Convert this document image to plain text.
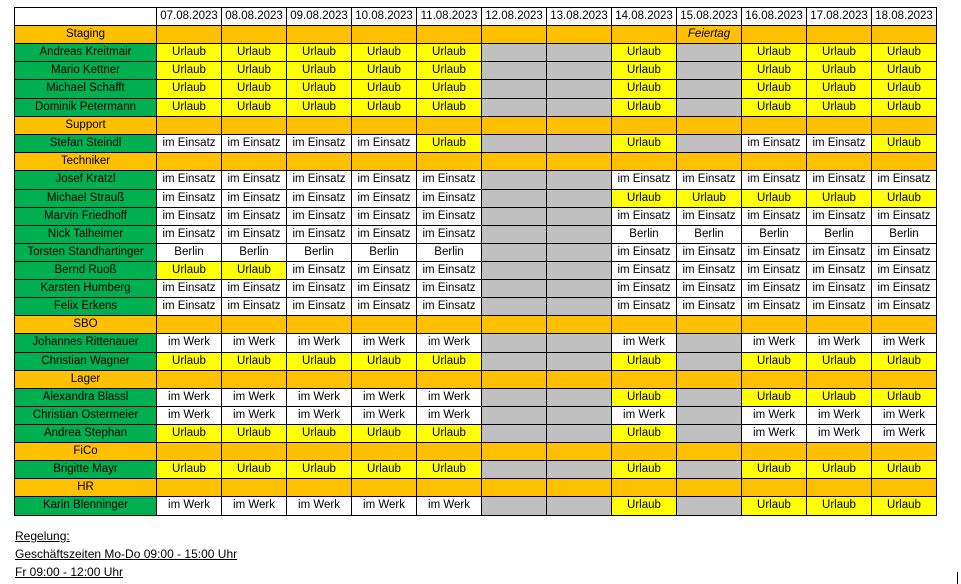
	07.08.2023	08.08.2023	09.08.2023	10.08.2023	11.08.2023	12.08.2023	13.08.2023	14.08.2023	15.08.2023	16.08.2023	17.08.2023	18.08.2023
Staging									Feiertag			
Andreas Kreitmair	Urlaub	Urlaub	Urlaub	Urlaub	Urlaub			Urlaub		Urlaub	Urlaub	Urlaub
Mario Kettner	Urlaub	Urlaub	Urlaub	Urlaub	Urlaub			Urlaub		Urlaub	Urlaub	Urlaub
Michael Schafft	Urlaub	Urlaub	Urlaub	Urlaub	Urlaub			Urlaub		Urlaub	Urlaub	Urlaub
Dominik Petermann	Urlaub	Urlaub	Urlaub	Urlaub	Urlaub			Urlaub		Urlaub	Urlaub	Urlaub
Support												
Stefan Steindl	im Einsatz	im Einsatz	im Einsatz	im Einsatz	Urlaub			Urlaub		im Einsatz	im Einsatz	Urlaub
Techniker												
Josef Kratzl	im Einsatz	im Einsatz	im Einsatz	im Einsatz	im Einsatz			im Einsatz	im Einsatz	im Einsatz	im Einsatz	im Einsatz
Michael Strauß	im Einsatz	im Einsatz	im Einsatz	im Einsatz	im Einsatz			Urlaub	Urlaub	Urlaub	Urlaub	Urlaub
Marvin Friedhoff	im Einsatz	im Einsatz	im Einsatz	im Einsatz	im Einsatz			im Einsatz	im Einsatz	im Einsatz	im Einsatz	im Einsatz
Nick Talheimer	im Einsatz	im Einsatz	im Einsatz	im Einsatz	im Einsatz			Berlin	Berlin	Berlin	Berlin	Berlin
Torsten Standhartinger	Berlin	Berlin	Berlin	Berlin	Berlin			im Einsatz	im Einsatz	im Einsatz	im Einsatz	im Einsatz
Bernd Ruoß	Urlaub	Urlaub	im Einsatz	im Einsatz	im Einsatz			im Einsatz	im Einsatz	im Einsatz	im Einsatz	im Einsatz
Karsten Humberg	im Einsatz	im Einsatz	im Einsatz	im Einsatz	im Einsatz			im Einsatz	im Einsatz	im Einsatz	im Einsatz	im Einsatz
Felix Erkens	im Einsatz	im Einsatz	im Einsatz	im Einsatz	im Einsatz			im Einsatz	im Einsatz	im Einsatz	im Einsatz	im Einsatz
SBO												
Johannes Rittenauer	im Werk	im Werk	im Werk	im Werk	im Werk			im Werk		im Werk	im Werk	im Werk
Christian Wagner	Urlaub	Urlaub	Urlaub	Urlaub	Urlaub			Urlaub		Urlaub	Urlaub	Urlaub
Lager												
Alexandra Blassl	im Werk	im Werk	im Werk	im Werk	im Werk			Urlaub		Urlaub	Urlaub	Urlaub
Christian Ostermeier	im Werk	im Werk	im Werk	im Werk	im Werk			im Werk		im Werk	im Werk	im Werk
Andrea Stephan	Urlaub	Urlaub	Urlaub	Urlaub	Urlaub			Urlaub		im Werk	im Werk	im Werk
FiCo												
Brigitte Mayr	Urlaub	Urlaub	Urlaub	Urlaub	Urlaub			Urlaub		Urlaub	Urlaub	Urlaub
HR												
Karin Blenninger	im Werk	im Werk	im Werk	im Werk	im Werk			Urlaub		Urlaub	Urlaub	Urlaub
Regelung:
Geschäftszeiten Mo-Do 09:00 - 15:00 Uhr
Fr 09:00 - 12:00 Uhr
